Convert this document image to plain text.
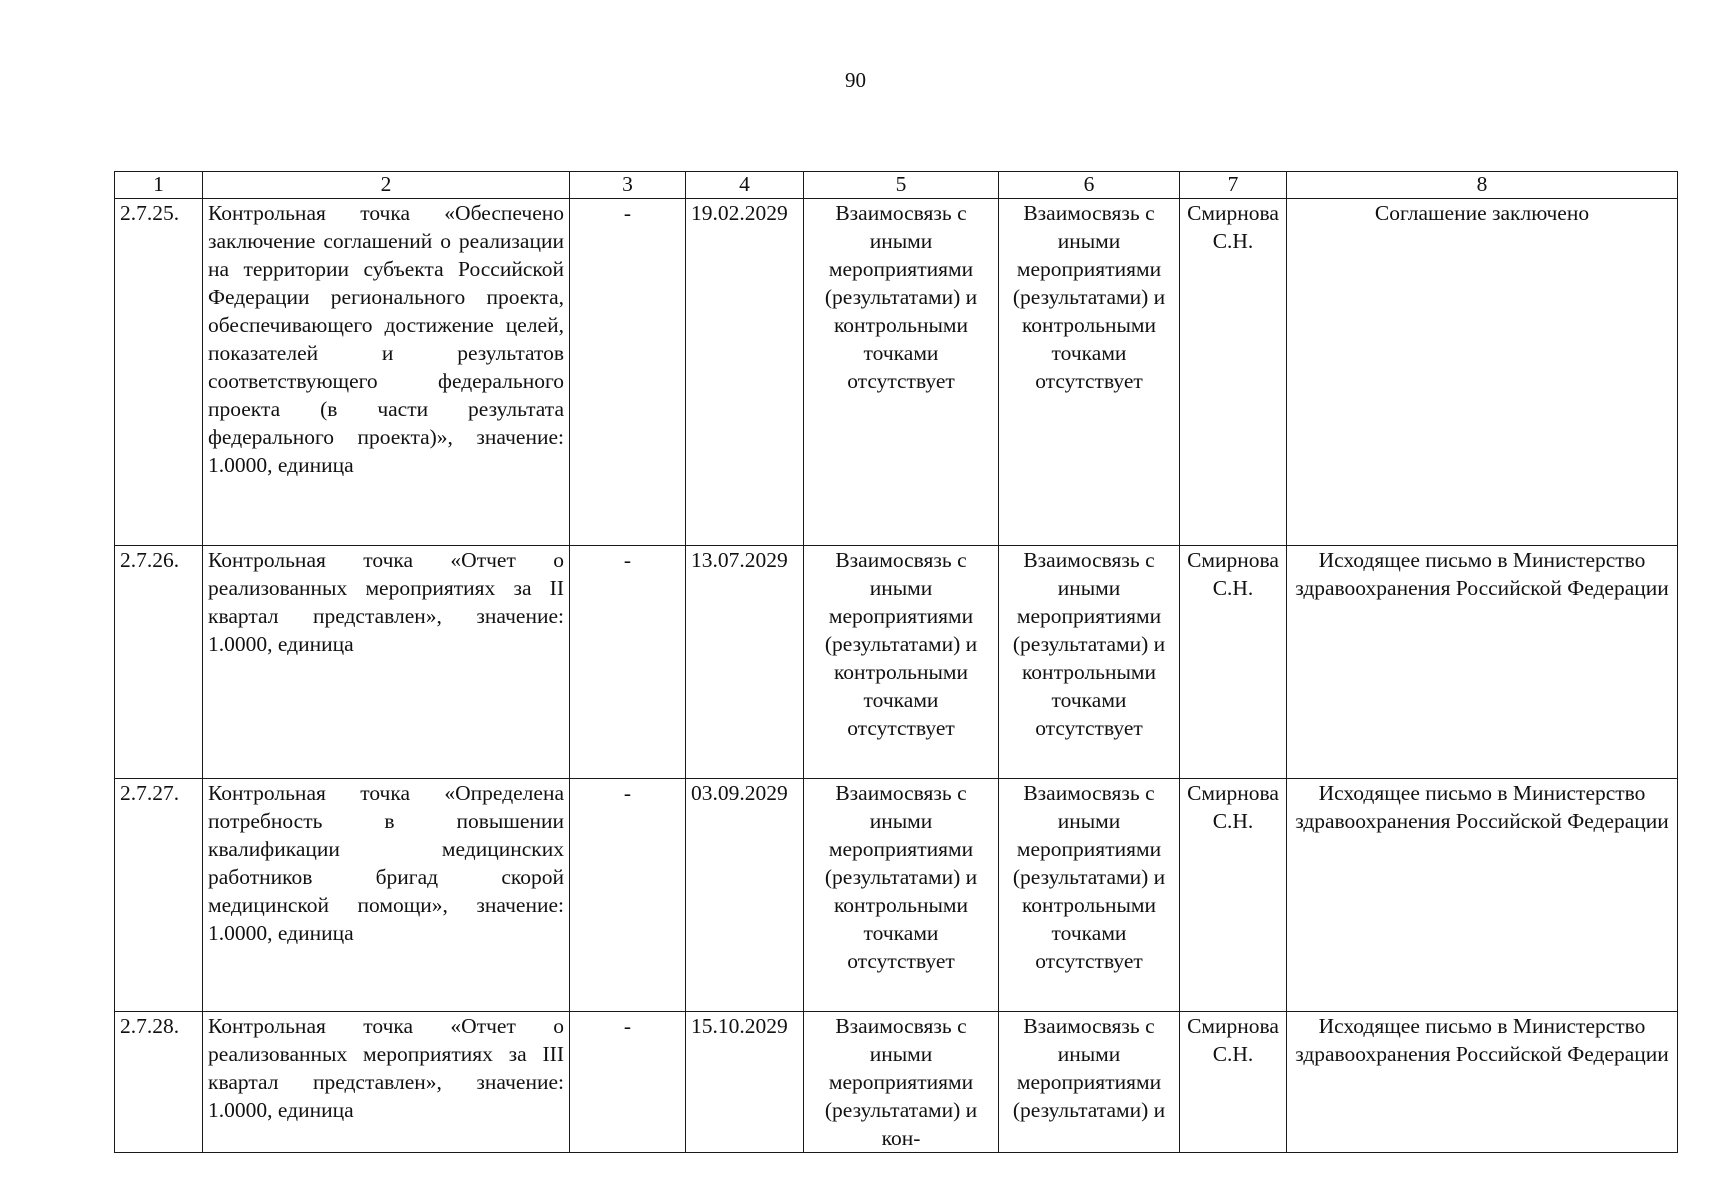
90
1	2	3	4	5	6	7	8
2.7.25.	Контрольная точка «Обеспечено заключение соглашений о реализации на территории субъекта Российской Федерации регионального проекта, обеспечивающего достижение целей, показателей и результатов соответствующего федерального проекта (в части результата федерального проекта)», значение: 1.0000, единица	-	19.02.2029	Взаимосвязь с иными мероприятиями (результатами) и контрольными точками отсутствует	Взаимосвязь с иными мероприятиями (результатами) и контрольными точками отсутствует	Смирнова С.Н.	Соглашение заключено
2.7.26.	Контрольная точка «Отчет о реализованных мероприятиях за II квартал представлен», значение: 1.0000, единица	-	13.07.2029	Взаимосвязь с иными мероприятиями (результатами) и контрольными точками отсутствует	Взаимосвязь с иными мероприятиями (результатами) и контрольными точками отсутствует	Смирнова С.Н.	Исходящее письмо в Министерство здравоохранения Российской Федерации
2.7.27.	Контрольная точка «Определена потребность в повышении квалификации медицинских работников бригад скорой медицинской помощи», значение: 1.0000, единица	-	03.09.2029	Взаимосвязь с иными мероприятиями (результатами) и контрольными точками отсутствует	Взаимосвязь с иными мероприятиями (результатами) и контрольными точками отсутствует	Смирнова С.Н.	Исходящее письмо в Министерство здравоохранения Российской Федерации
2.7.28.	Контрольная точка «Отчет о реализованных мероприятиях за III квартал представлен», значение: 1.0000, единица	-	15.10.2029	Взаимосвязь с иными мероприятиями (результатами) и кон-	Взаимосвязь с иными мероприятиями (результатами) и	Смирнова С.Н.	Исходящее письмо в Министерство здравоохранения Российской Федерации
